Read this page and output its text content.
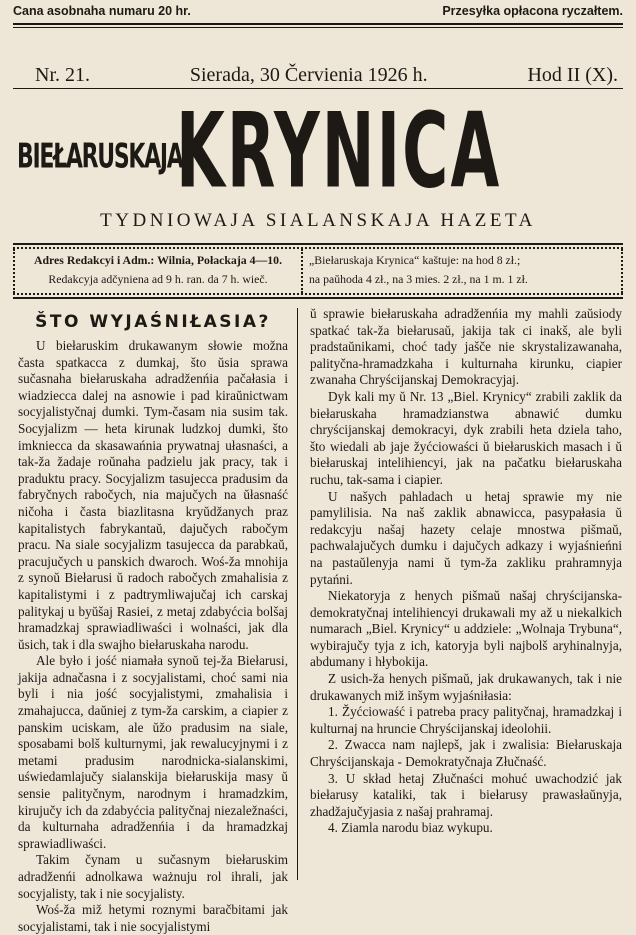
Cana asobnaha numaru 20 hr.	Przesyłka opłacona ryczałtem.
Nr. 21.	Sierada, 30 Červienia 1926 h.	Hod II (X).
BIEŁARUSKAJA
KRYNICA
TYDNIOWAJA SIALANSKAJA HAZETA
Adres Redakcyi i Adm.: Wilnia, Połackaja 4—10.
Redakcyja adčyniena ad 9 h. ran. da 7 h. wieč.
„Biełaruskaja Krynica“ kaštuje: na hod 8 zł.;
na paŭhoda 4 zł., na 3 mies. 2 zł., na 1 m. 1 zł.
ŠTO WYJAŚNIŁASIA?

U biełaruskim drukawanym słowie možna časta spatkacca z dumkaj, što ŭsia sprawa sučasnaha biełaruskaha adradženńia pačałasia i wiadziecca dalej na asnowie i pad kiraŭnictwam socyjalistyčnaj dumki. Tym-časam nia susim tak. Socyjalizm — heta kirunak ludzkoj dumki, što imkniecca da skasawańnia prywatnaj ułasnaści, a tak-ža žadaje roŭnaha padzielu jak pracy, tak i praduktu pracy. Socyjalizm tasujecca pradusim da fabryčnych rabočych, nia majučych na ŭłasnaść ničoha i časta biazlitasna kryŭdžanych praz kapitalistych fabrykantaŭ, dajučych rabočym pracu. Na siale socyjalizm tasujecca da parabkaŭ, pracujučych u panskich dwaroch. Woś-ža mnohija z synoŭ Biełarusi ŭ radoch rabočych zmahalisia z kapitalistymi i z padtrymliwajučaj ich carskaj palitykaj u byŭšaj Rasiei, z metaj zdabyćcia bolšaj hramadzkaj sprawiadliwaści i wolnaści, jak dla ŭsich, tak i dla swajho biełaruskaha narodu.

Ale było i jość niamała synoŭ tej-ža Biełarusi, jakija adnačasna i z socyjalistami, choć sami nia byli i nia jość socyjalistymi, zmahalisia i zmahajucca, daŭniej z tym-ža carskim, a ciapier z panskim uciskam, ale ŭžo pradusim na siale, sposabami bolš kulturnymi, jak rewalucyjnymi i z metami pradusim narodnicka-sialanskimi, uświedamlajučy sialanskija biełaruskija masy ŭ sensie palityčnym, narodnym i hramadzkim, kirujučy ich da zdabyćcia palityčnaj niezaležnaści, da kulturnaha adradženńia i da hramadzkaj sprawiadliwaści.

Takim čynam u sučasnym biełaruskim adradženńi adnolkawa ważnuju rol ihrali, jak socyjalisty, tak i nie socyjalisty.

Woś-ža miž hetymi roznymi baračbitami jak socyjalistami, tak i nie socyjalistymi

ŭ sprawie biełaruskaha adradženńia my mahli zaŭsiody spatkać tak-ža biełarusaŭ, jakija tak ci inakš, ale byli pradstaŭnikami, choć tady jašče nie skrystalizawanaha, palityčna-hramadzkaha i kulturnaha kirunku, ciapier zwanaha Chryścijanskaj Demokracyjaj.

Dyk kali my ŭ Nr. 13 „Biel. Krynicy“ zrabili zaklik da biełaruskaha hramadzianstwa abnawić dumku chryścijanskaj demokracyi, dyk zrabili heta dziela taho, što wiedali ab jaje žyćciowaści ŭ biełaruskich masach i ŭ biełaruskaj intelihiencyi, jak na pačatku biełaruskaha ruchu, tak-sama i ciapier.

U našych pahladach u hetaj sprawie my nie pamylilisia. Na naš zaklik abnawicca, pasypałasia ŭ redakcyju našaj hazety celaje mnostwa pišmaŭ, pachwalajučych dumku i dajučych adkazy i wyjaśnieńni na pastaŭlenyja nami ŭ tym-ža zakliku prahramnyja pytańni.

Niekatoryja z henych pišmaŭ našaj chryścijanska-demokratyčnaj intelihiencyi drukawali my až u niekalkich numarach „Biel. Krynicy“ u addziele: „Wolnaja Trybuna“, wybirajučy tyja z ich, katoryja byli najbolš aryhinalnyja, abdumany i hłybokija.

Z usich-ža henych pišmaŭ, jak drukawanych, tak i nie drukawanych miž inšym wyjaśniłasia:

1. Žyćciowaść i patreba pracy palityčnaj, hramadzkaj i kulturnaj na hruncie Chryścijanskaj ideolohii.

2. Zwacca nam najlepš, jak i zwalisia: Biełaruskaja Chryścijanskaja - Demokratyčnaja Złučnaść.

3. U skład hetaj Złučnaści mohuć uwachodzić jak biełarusy kataliki, tak i biełarusy prawasłaŭnyja, zhadžajučyjasia z našaj prahramaj.

4. Ziamla narodu biaz wykupu.
